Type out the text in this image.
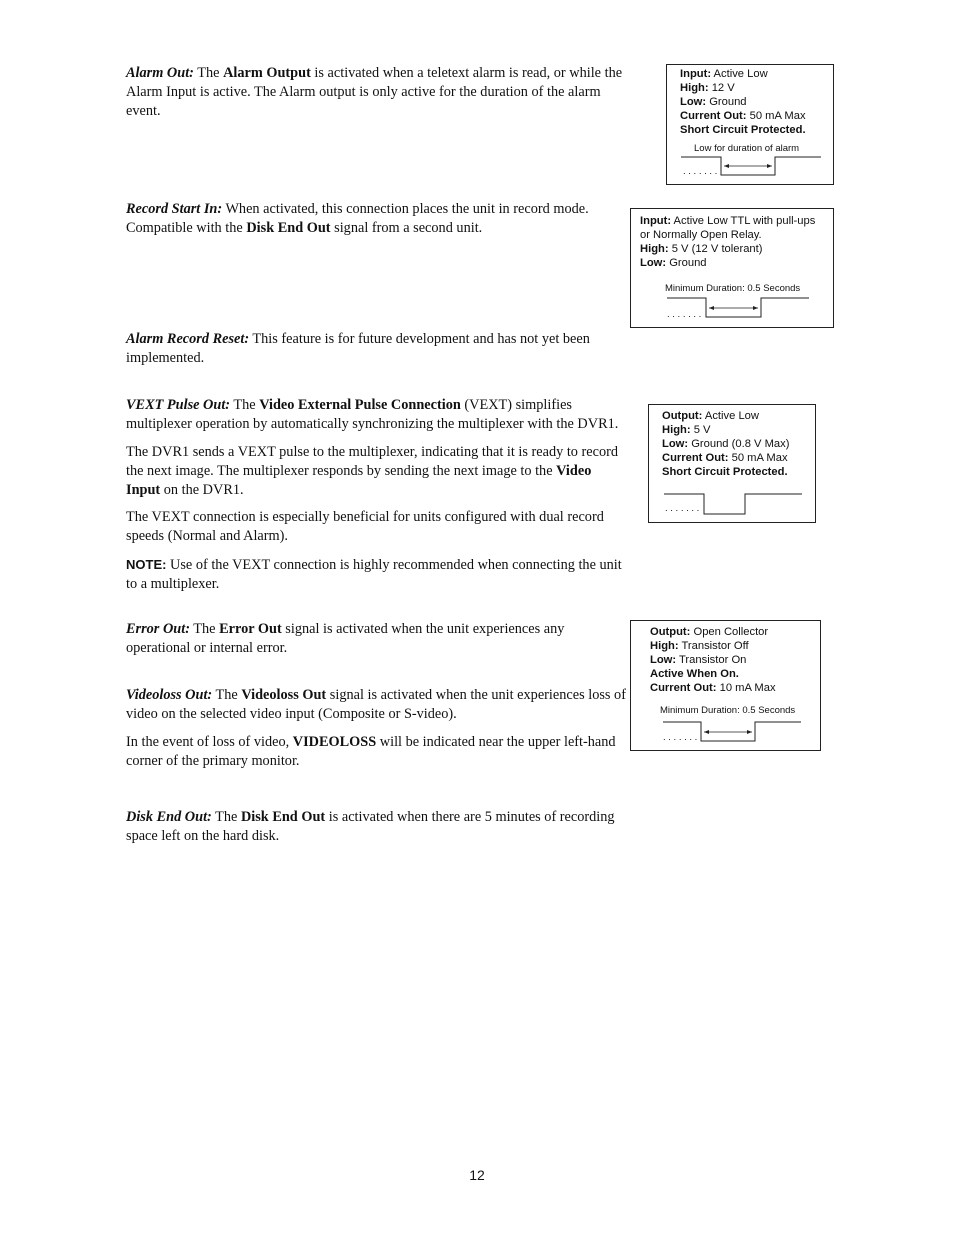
Alarm Out: The Alarm Output is activated when a teletext alarm is read, or while the Alarm Input is active. The Alarm output is only active for the duration of the alarm event.

Record Start In: When activated, this connection places the unit in record mode. Compatible with the Disk End Out signal from a second unit.

Alarm Record Reset: This feature is for future development and has not yet been implemented.

VEXT Pulse Out: The Video External Pulse Connection (VEXT) simplifies multiplexer operation by automatically synchronizing the multiplexer with the DVR1.

The DVR1 sends a VEXT pulse to the multiplexer, indicating that it is ready to record the next image. The multiplexer responds by sending the next image to the Video Input on the DVR1.

The VEXT connection is especially beneficial for units configured with dual record speeds (Normal and Alarm).

NOTE: Use of the VEXT connection is highly recommended when connecting the unit to a multiplexer.

Error Out: The Error Out signal is activated when the unit experiences any operational or internal error.

Videoloss Out: The Videoloss Out signal is activated when the unit experiences loss of video on the selected video input (Composite or S-video).

In the event of loss of video, VIDEOLOSS will be indicated near the upper left-hand corner of the primary monitor.

Disk End Out: The Disk End Out is activated when there are 5 minutes of recording space left on the hard disk.

Input: Active Low
High: 12 V
Low: Ground
Current Out: 50 mA Max
Short Circuit Protected.
Low for duration of alarm
. . . . . . .
Input: Active Low TTL with pull-ups
or Normally Open Relay.
High: 5 V (12 V tolerant)
Low: Ground
Minimum Duration: 0.5 Seconds
. . . . . . .
Output: Active Low
High: 5 V
Low: Ground (0.8 V Max)
Current Out: 50 mA Max
Short Circuit Protected.
. . . . . . .
Output: Open Collector
High: Transistor Off
Low: Transistor On
Active When On.
Current Out: 10 mA Max
Minimum Duration: 0.5 Seconds
. . . . . . .
12
